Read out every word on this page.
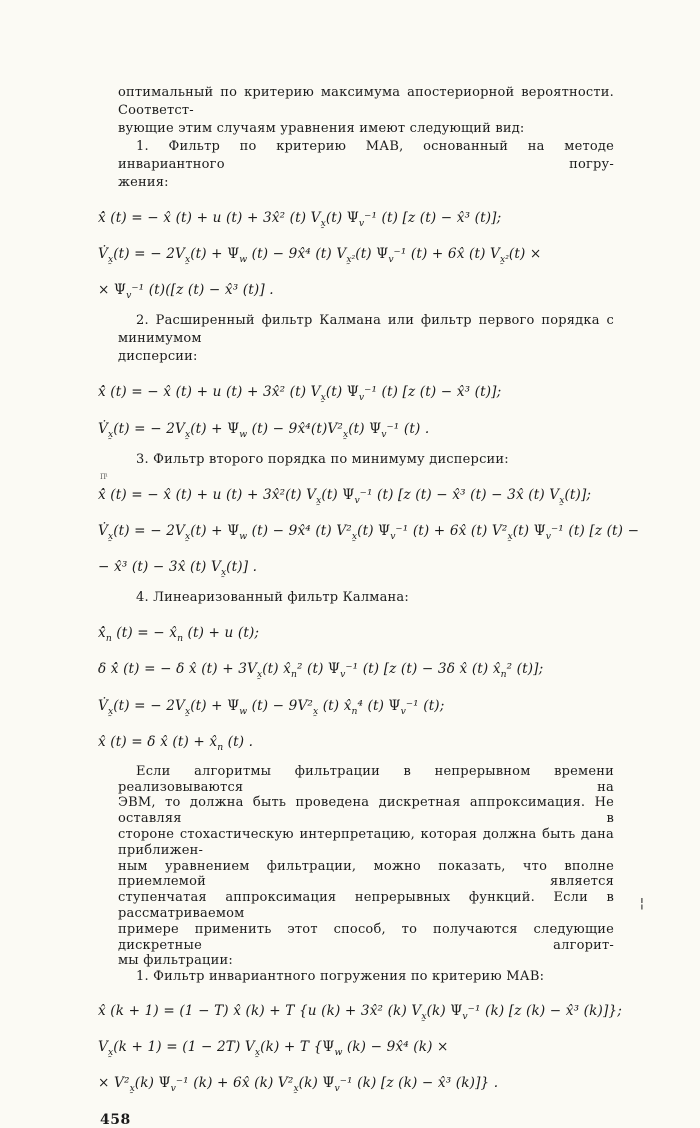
оптимальный по критерию максимума апостериорной вероятности. Соответст-
вующие этим случаям уравнения имеют следующий вид:
1. Фильтр по критерию МАВ, основанный на методе инвариантного погру-
жения:
x̂̇ (t) = − x̂ (t) + u (t) + 3x̂² (t) $V_{x̰}(t)$ $\Psi_v^{-1}$ (t) [z (t) − x̂³ (t)];
$V̇_{x̰}(t)$ = − $2V_{x̰}(t) + \Psi_w$ (t) − 9x̂⁴ (t) $V_{x̰^2}(t)$ $\Psi_v^{-1}$ (t) + 6x̂ (t) $V_{x̰^2}(t)$ ×
× $\Psi_v^{-1}$ (t)([z (t) − x̂³ (t)] .
2. Расширенный фильтр Калмана или фильтр первого порядка с минимумом
дисперсии:
x̂̇ (t) = − x̂ (t) + u (t) + 3x̂² (t) $V_{x̰}(t)$ $\Psi_v^{-1}$ (t) [z (t) − x̂³ (t)];
$V̇_{x̰}(t)$ = − $2V_{x̰}(t) + \Psi_w$ $(t) - 9x̂^4(t)V^2_{x̰}(t)$ $\Psi_v^{-1}$ (t) .
3. Фильтр второго порядка по минимуму дисперсии:
x̂̇ (t) = − x̂ (t) + u (t) + 3x̂²(t) $V_{x̰}(t)$ $\Psi_v^{-1}$ (t) [z (t) − x̂³ (t) − 3x̂ (t) $V_{x̰}(t)$];
$V̇_{x̰}(t)$ = − $2V_{x̰}(t) + \Psi_w$ (t) − 9x̂⁴ (t) $V^2_{x̰}(t)$ $\Psi_v^{-1}$ (t) + 6x̂ (t) $V^2_{x̰}(t)$ $\Psi_v^{-1}$ (t) [z (t) −
− x̂³ (t) − 3x̂ (t) $V_{x̰}(t)$] .
4. Линеаризованный фильтр Калмана:
$x̂̇_n$ (t) = − $x̂_n$ (t) + u (t);
δ x̂̇ (t) = − δ x̂ $(t) + 3V_{x̰}(t)$ $x̂_n^2$ (t) $\Psi_v^{-1}$ (t) [z (t) − 3δ x̂ (t) $x̂_n^2$ (t)];
$V̇_{x̰}(t)$ = − $2V_{x̰}(t) + \Psi_w$ $(t) - 9V^2_{x̰}$ (t) $x̂_n^4$ (t) $\Psi_v^{-1}$ (t);
x̂ (t) = δ x̂ $(t) + x̂_n$ (t) .
Если алгоритмы фильтрации в непрерывном времени реализовываются на
ЭВМ, то должна быть проведена дискретная аппроксимация. Не оставляя в
стороне стохастическую интерпретацию, которая должна быть дана приближен-
ным уравнением фильтрации, можно показать, что вполне приемлемой является
ступенчатая аппроксимация непрерывных функций. Если в рассматриваемом
примере применить этот способ, то получаются следующие дискретные алгорит-
мы фильтрации:
1. Фильтр инвариантного погружения по критерию МАВ:
x̂ (k + 1) = (1 − T) x̂ (k) + T {u (k) + 3x̂² (k) $V_{x̰}(k)$ $\Psi_v^{-1}$ (k) [z (k) − x̂³ (k)]};
$V_{x̰}(k + 1) = (1 - 2T) V_{x̰}(k) + T$ {$\Psi_w$ (k) − 9x̂⁴ (k) ×
× $V^2_{x̰}(k)$ $\Psi_v^{-1}$ (k) + 6x̂ (k) $V^2_{x̰}(k)$ $\Psi_v^{-1}$ (k) [z (k) − x̂³ (k)]} .
458
¦
П¹
